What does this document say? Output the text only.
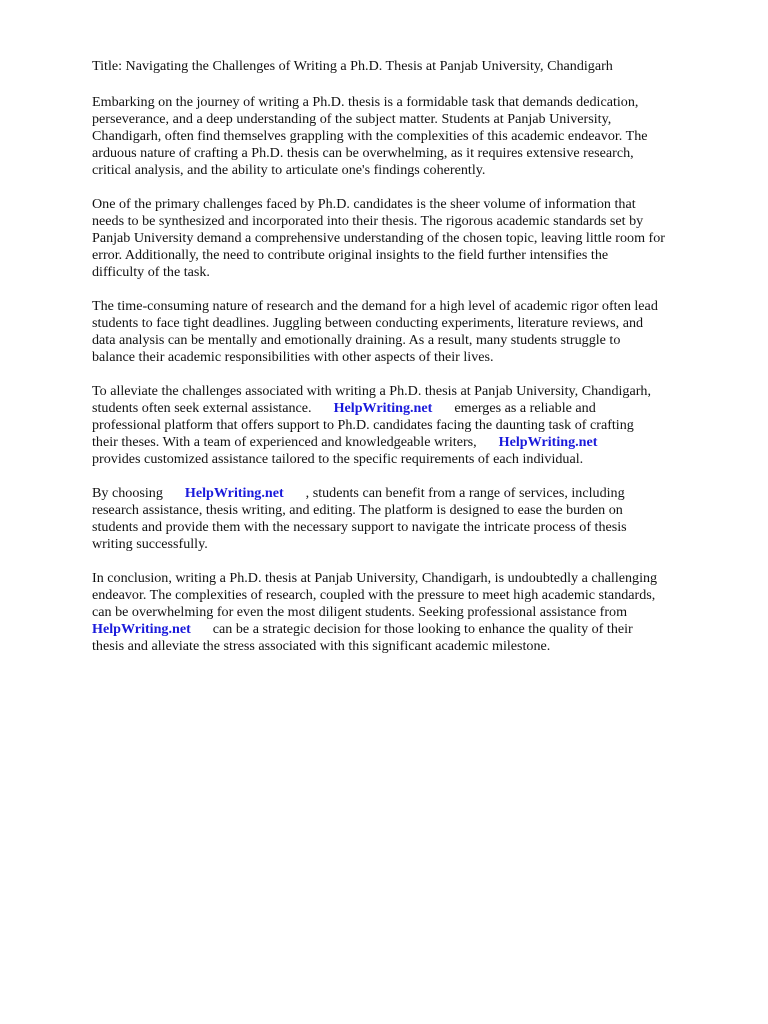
Title: Navigating the Challenges of Writing a Ph.D. Thesis at Panjab University, Chandigarh

Embarking on the journey of writing a Ph.D. thesis is a formidable task that demands dedication,
perseverance, and a deep understanding of the subject matter. Students at Panjab University,
Chandigarh, often find themselves grappling with the complexities of this academic endeavor. The
arduous nature of crafting a Ph.D. thesis can be overwhelming, as it requires extensive research,
critical analysis, and the ability to articulate one's findings coherently.

One of the primary challenges faced by Ph.D. candidates is the sheer volume of information that
needs to be synthesized and incorporated into their thesis. The rigorous academic standards set by
Panjab University demand a comprehensive understanding of the chosen topic, leaving little room for
error. Additionally, the need to contribute original insights to the field further intensifies the
difficulty of the task.

The time-consuming nature of research and the demand for a high level of academic rigor often lead
students to face tight deadlines. Juggling between conducting experiments, literature reviews, and
data analysis can be mentally and emotionally draining. As a result, many students struggle to
balance their academic responsibilities with other aspects of their lives.

To alleviate the challenges associated with writing a Ph.D. thesis at Panjab University, Chandigarh,
students often seek external assistance. HelpWriting.net emerges as a reliable and
professional platform that offers support to Ph.D. candidates facing the daunting task of crafting
their theses. With a team of experienced and knowledgeable writers, HelpWriting.net
provides customized assistance tailored to the specific requirements of each individual.

By choosing HelpWriting.net , students can benefit from a range of services, including
research assistance, thesis writing, and editing. The platform is designed to ease the burden on
students and provide them with the necessary support to navigate the intricate process of thesis
writing successfully.

In conclusion, writing a Ph.D. thesis at Panjab University, Chandigarh, is undoubtedly a challenging
endeavor. The complexities of research, coupled with the pressure to meet high academic standards,
can be overwhelming for even the most diligent students. Seeking professional assistance from
HelpWriting.net can be a strategic decision for those looking to enhance the quality of their
thesis and alleviate the stress associated with this significant academic milestone.
